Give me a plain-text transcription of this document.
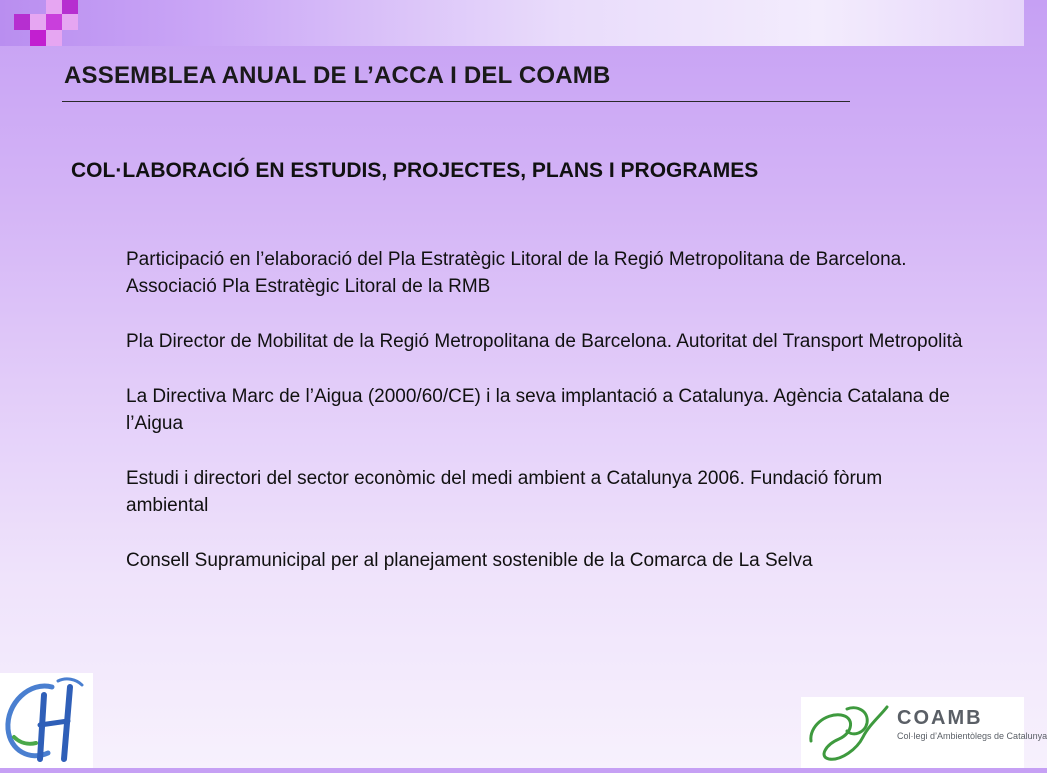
ASSEMBLEA ANUAL DE L’ACCA I DEL COAMB
COL·LABORACIÓ EN ESTUDIS, PROJECTES, PLANS I PROGRAMES
Participació en l’elaboració del Pla Estratègic Litoral de la Regió Metropolitana de Barcelona. Associació Pla Estratègic Litoral de la RMB
Pla Director de Mobilitat de la Regió Metropolitana de Barcelona. Autoritat del Transport Metropolità
La Directiva Marc de l’Aigua (2000/60/CE) i la seva implantació a Catalunya. Agència Catalana de l’Aigua
Estudi i directori del sector econòmic del medi ambient a Catalunya 2006. Fundació fòrum ambiental
Consell Supramunicipal per al planejament sostenible de la Comarca de La Selva
COAMB
Col·legi d’Ambientòlegs de Catalunya
